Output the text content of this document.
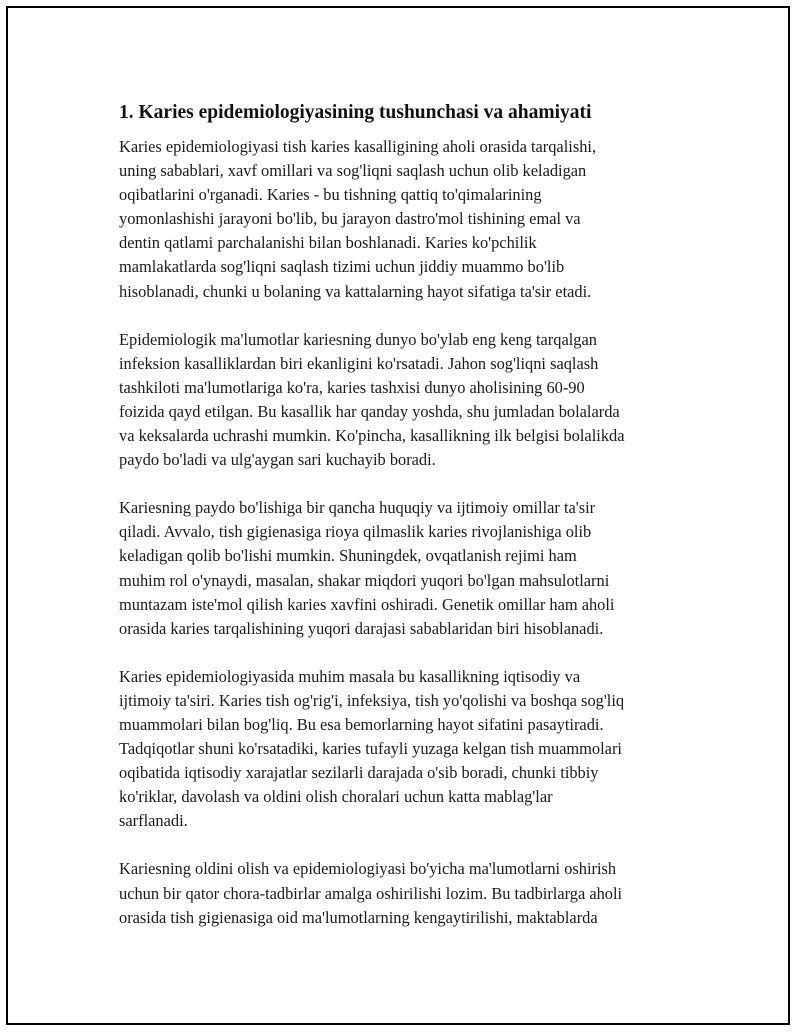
1. Karies epidemiologiyasining tushunchasi va ahamiyati

Karies epidemiologiyasi tish karies kasalligining aholi orasida tarqalishi,
uning sabablari, xavf omillari va sog'liqni saqlash uchun olib keladigan
oqibatlarini o'rganadi. Karies - bu tishning qattiq to'qimalarining
yomonlashishi jarayoni bo'lib, bu jarayon dastro'mol tishining emal va
dentin qatlami parchalanishi bilan boshlanadi. Karies ko'pchilik
mamlakatlarda sog'liqni saqlash tizimi uchun jiddiy muammo bo'lib
hisoblanadi, chunki u bolaning va kattalarning hayot sifatiga ta'sir etadi.

Epidemiologik ma'lumotlar kariesning dunyo bo'ylab eng keng tarqalgan
infeksion kasalliklardan biri ekanligini ko'rsatadi. Jahon sog'liqni saqlash
tashkiloti ma'lumotlariga ko'ra, karies tashxisi dunyo aholisining 60-90
foizida qayd etilgan. Bu kasallik har qanday yoshda, shu jumladan bolalarda
va keksalarda uchrashi mumkin. Ko'pincha, kasallikning ilk belgisi bolalikda
paydo bo'ladi va ulg'aygan sari kuchayib boradi.

Kariesning paydo bo'lishiga bir qancha huquqiy va ijtimoiy omillar ta'sir
qiladi. Avvalo, tish gigienasiga rioya qilmaslik karies rivojlanishiga olib
keladigan qolib bo'lishi mumkin. Shuningdek, ovqatlanish rejimi ham
muhim rol o'ynaydi, masalan, shakar miqdori yuqori bo'lgan mahsulotlarni
muntazam iste'mol qilish karies xavfini oshiradi. Genetik omillar ham aholi
orasida karies tarqalishining yuqori darajasi sabablaridan biri hisoblanadi.

Karies epidemiologiyasida muhim masala bu kasallikning iqtisodiy va
ijtimoiy ta'siri. Karies tish og'rig'i, infeksiya, tish yo'qolishi va boshqa sog'liq
muammolari bilan bog'liq. Bu esa bemorlarning hayot sifatini pasaytiradi.
Tadqiqotlar shuni ko'rsatadiki, karies tufayli yuzaga kelgan tish muammolari
oqibatida iqtisodiy xarajatlar sezilarli darajada o'sib boradi, chunki tibbiy
ko'riklar, davolash va oldini olish choralari uchun katta mablag'lar
sarflanadi.

Kariesning oldini olish va epidemiologiyasi bo'yicha ma'lumotlarni oshirish
uchun bir qator chora-tadbirlar amalga oshirilishi lozim. Bu tadbirlarga aholi
orasida tish gigienasiga oid ma'lumotlarning kengaytirilishi, maktablarda
